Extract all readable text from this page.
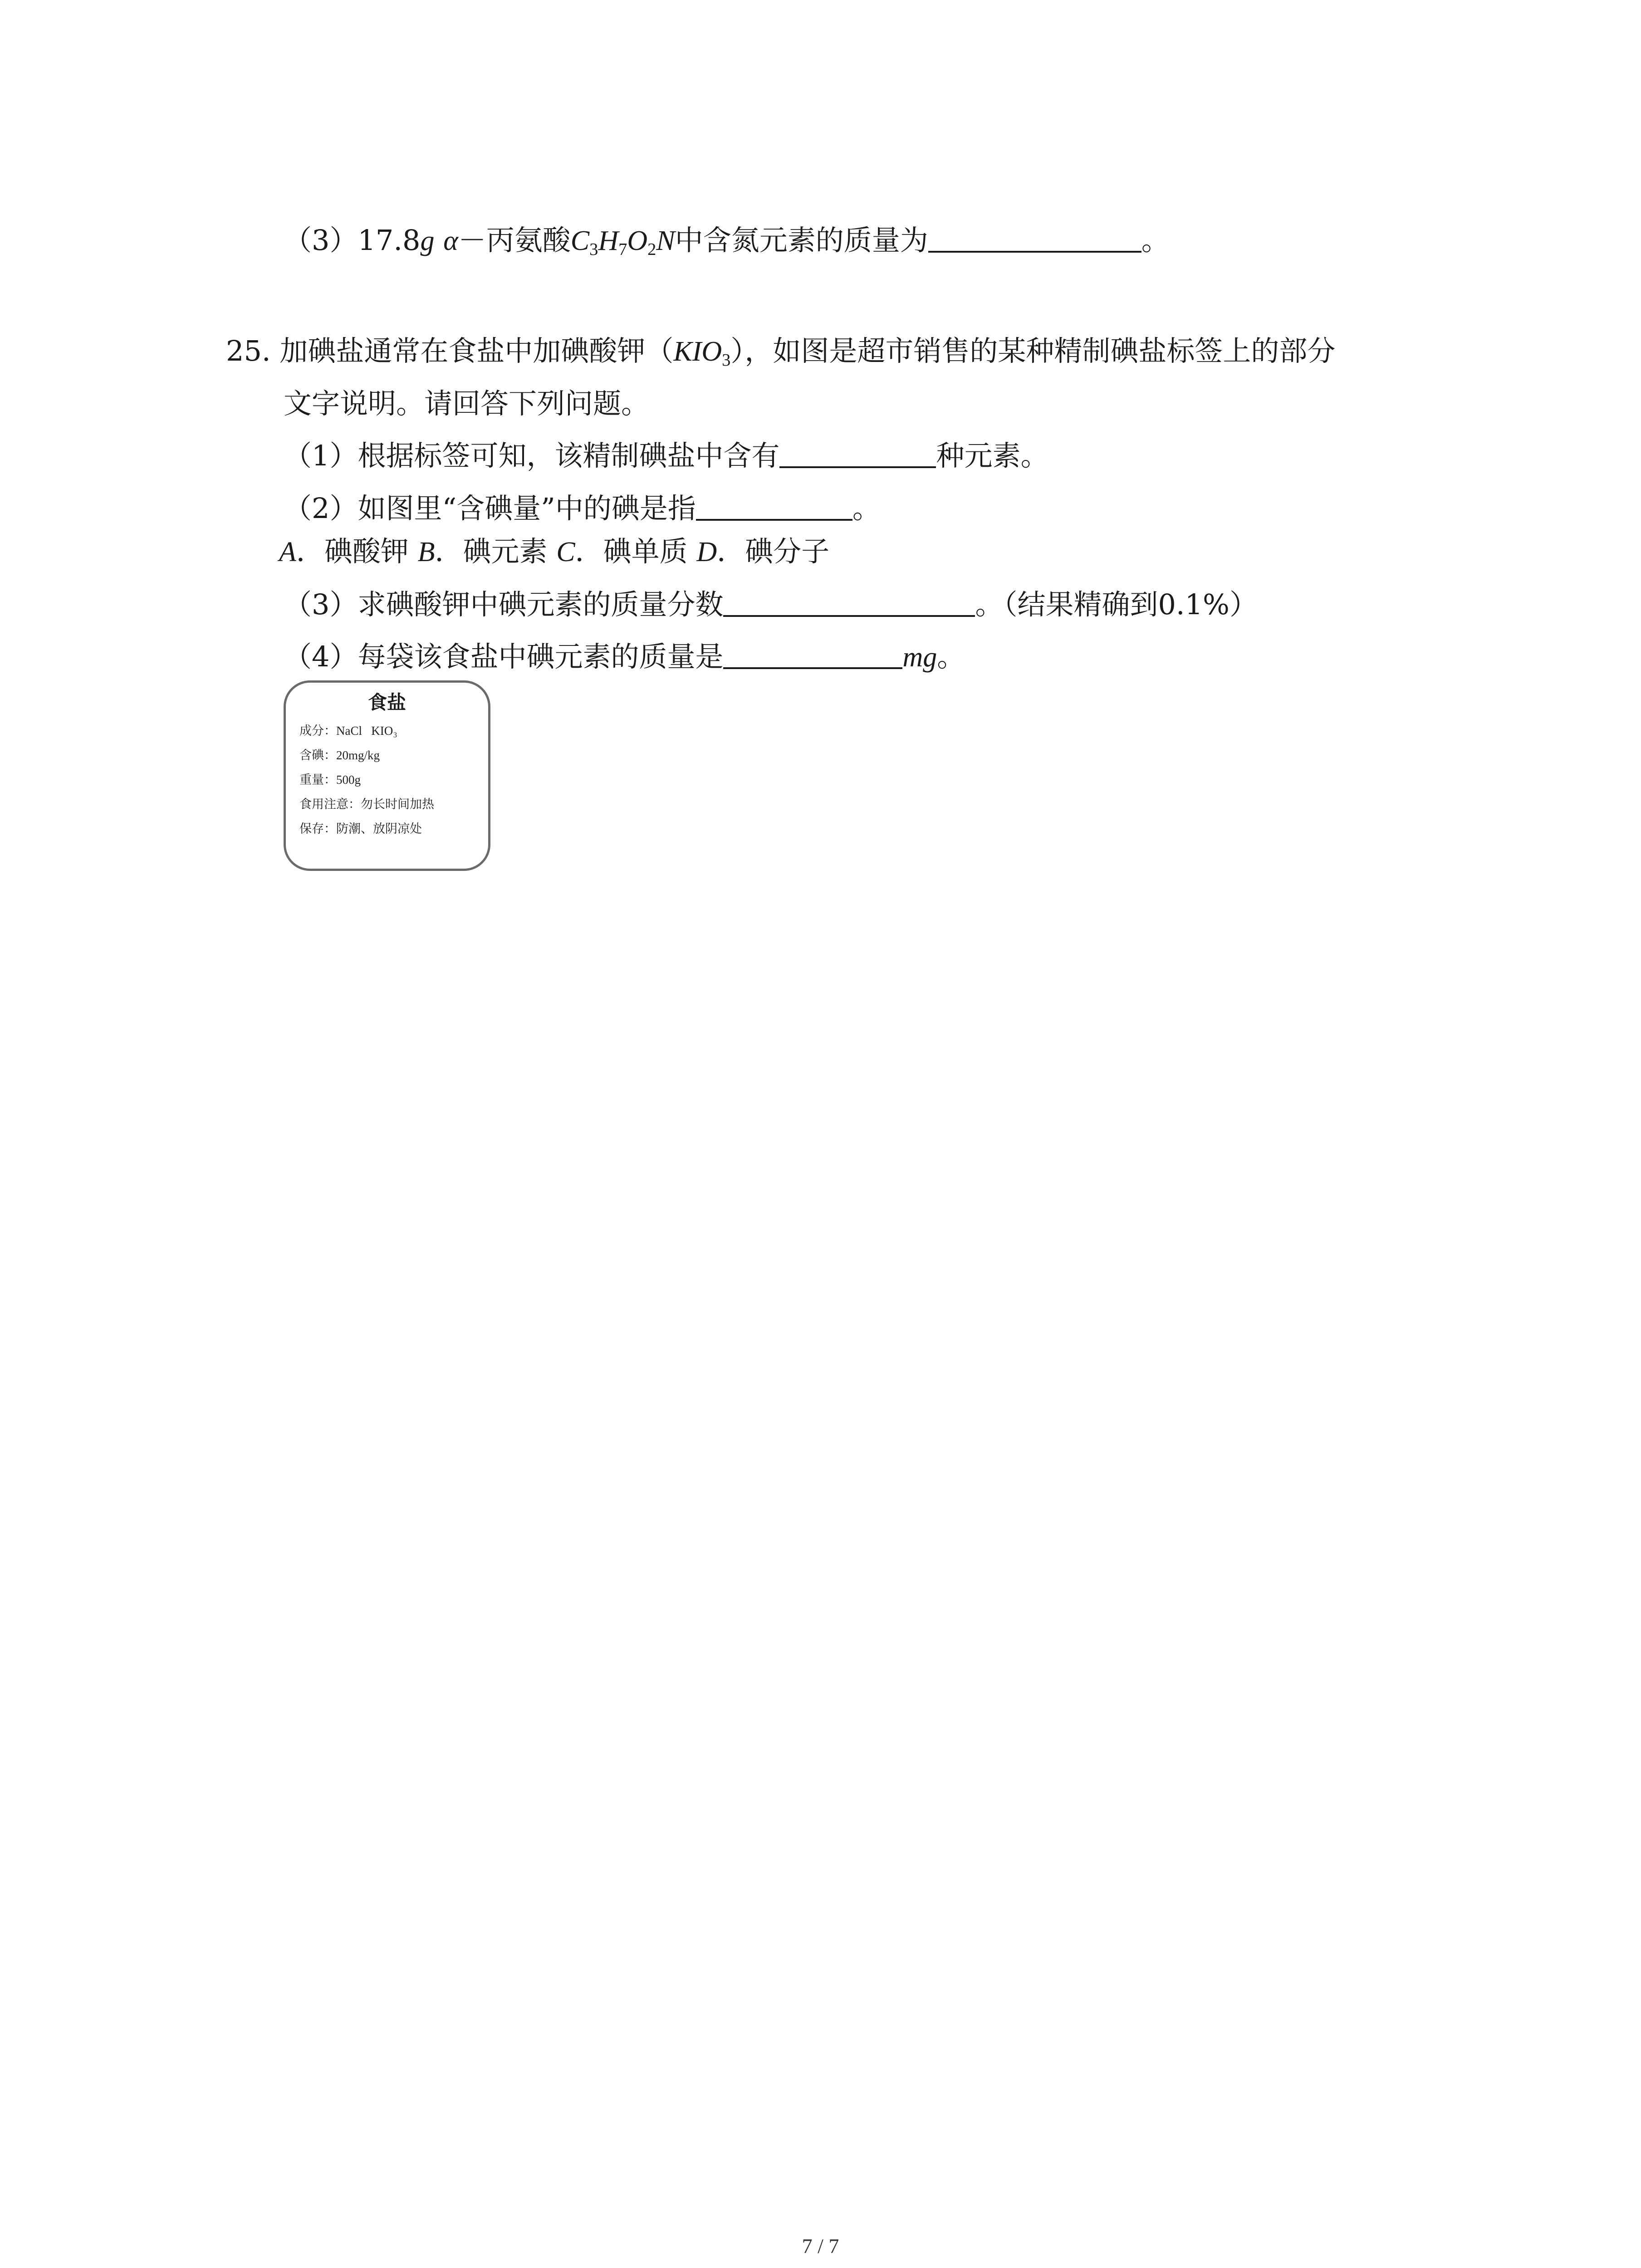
（3）17.8g α－丙氨酸$C_3H_7O_2N$中含氮元素的质量为	。
25. 加碘盐通常在食盐中加碘酸钾$(KIO_3)$，如图是超市销售的某种精制碘盐标签上的部分
文字说明。请回答下列问题。
（1）根据标签可知，该精制碘盐中含有	种元素。
（2）如图里“含碘量”中的碘是指	。
A．碘酸钾 B．碘元素 C．碘单质 D．碘分子
（3）求碘酸钾中碘元素的质量分数	。（结果精确到0.1%）
（4）每袋该食盐中碘元素的质量是	mg。
食盐
成分：NaCl   KIO₃
含碘：20mg/kg
重量：500g
食用注意：勿长时间加热
保存：防潮、放阴凉处
7 / 7
